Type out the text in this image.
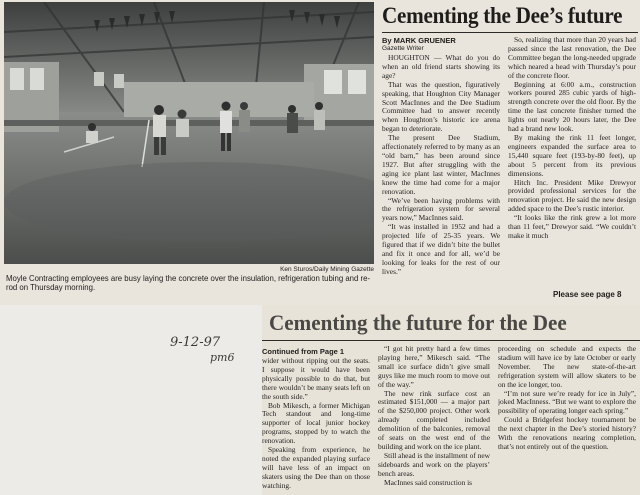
Ken Sturos/Daily Mining Gazette
Moyle Contracting employees are busy laying the concrete over the insulation, refrigeration tubing and re-rod on Thursday morning.
Cementing the Dee’s future
By MARK GRUENER
Gazette Writer

HOUGHTON — What do you do when an old friend starts showing its age?

That was the question, figuratively speaking, that Houghton City Manager Scott MacInnes and the Dee Stadium Committee had to answer recently when Houghton’s historic ice arena began to deteriorate.

The present Dee Stadium, affectionately referred to by many as an “old barn,” has been around since 1927. But after struggling with the aging ice plant last winter, MacInnes knew the time had come for a major renovation.

“We’ve been having problems with the refrigeration system for several years now,” MacInnes said.

“It was installed in 1952 and had a projected life of 25-35 years. We figured that if we didn’t bite the bullet and fix it once and for all, we’d be looking for leaks for the rest of our lives.”

So, realizing that more than 20 years had passed since the last renovation, the Dee Committee began the long-needed upgrade which neared a head with Thursday’s pour of the concrete floor.

Beginning at 6:00 a.m., construction workers poured 285 cubic yards of high-strength concrete over the old floor. By the time the last concrete finisher turned the lights out nearly 20 hours later, the Dee had a brand new look.

By making the rink 11 feet longer, engineers expanded the surface area to 15,440 square feet (193-by-80 feet), up about 5 percent from its previous dimensions.

Hitch Inc. President Mike Drewyor provided professional services for the renovation project. He said the new design added space to the Dee’s rustic interior.

“It looks like the rink grew a lot more than 11 feet,” Drewyor said. “We couldn’t make it much

Please see page 8
9-12-97
pm6
Cementing the future for the Dee
Continued from Page 1

wider without ripping out the seats. I suppose it would have been physically possible to do that, but there wouldn’t be many seats left on the south side.”

Bob Mikesch, a former Michigan Tech standout and long-time supporter of local junior hockey programs, stopped by to watch the renovation.

Speaking from experience, he noted the expanded playing surface will have less of an impact on skaters using the Dee than on those watching.

“I got hit pretty hard a few times playing here,” Mikesch said. “The small ice surface didn’t give small guys like me much room to move out of the way.”

The new rink surface cost an estimated $151,000 — a major part of the $250,000 project. Other work already completed included demolition of the balconies, removal of seats on the west end of the building and work on the ice plant.

Still ahead is the installment of new sideboards and work on the players’ bench areas.

MacInnes said construction is

proceeding on schedule and expects the stadium will have ice by late October or early November. The new state-of-the-art refrigeration system will allow skaters to be on the ice longer, too.

“I’m not sure we’re ready for ice in July”, joked MacInness. “But we want to explore the possibility of operating longer each spring.”

Could a Bridgefest hockey tournament be the next chapter in the Dee’s storied history? With the renovations nearing completion, that’s not entirely out of the question.
